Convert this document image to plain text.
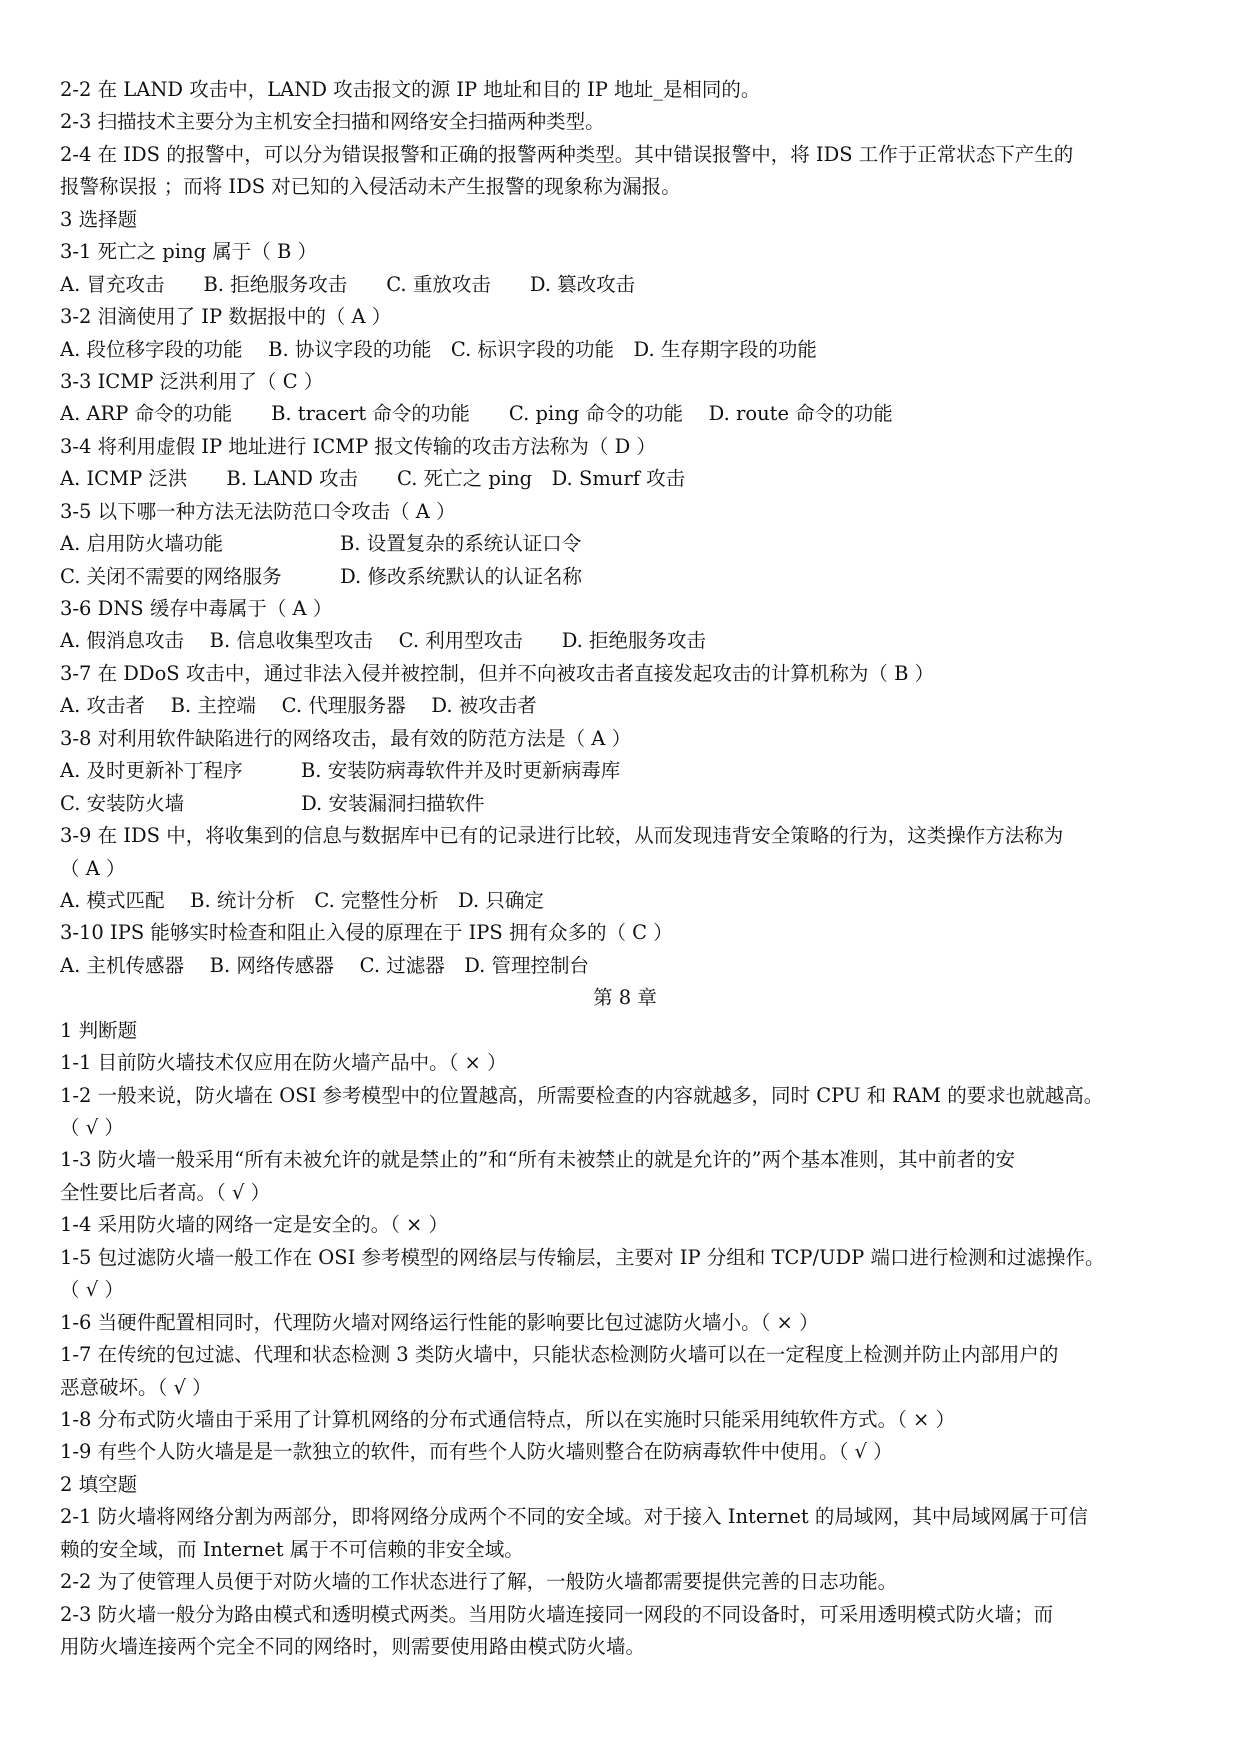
2-2 在 LAND 攻击中，LAND 攻击报文的源 IP 地址和目的 IP 地址_是相同的。
2-3 扫描技术主要分为主机安全扫描和网络安全扫描两种类型。
2-4 在 IDS 的报警中，可以分为错误报警和正确的报警两种类型。其中错误报警中，将 IDS 工作于正常状态下产生的
报警称误报 ；而将 IDS 对已知的入侵活动未产生报警的现象称为漏报。
3 选择题
3-1 死亡之 ping 属于（ B ）
A. 冒充攻击　　B. 拒绝服务攻击　　C. 重放攻击　　D. 篡改攻击
3-2 泪滴使用了 IP 数据报中的（ A ）
A. 段位移字段的功能　 B. 协议字段的功能　C. 标识字段的功能　D. 生存期字段的功能
3-3 ICMP 泛洪利用了（ C ）
A. ARP 命令的功能　　B. tracert 命令的功能　　C. ping 命令的功能　 D. route 命令的功能
3-4 将利用虚假 IP 地址进行 ICMP 报文传输的攻击方法称为（ D ）
A. ICMP 泛洪　　B. LAND 攻击　　C. 死亡之 ping　D. Smurf 攻击
3-5 以下哪一种方法无法防范口令攻击（ A ）
A. 启用防火墙功能　　　　　　B. 设置复杂的系统认证口令
C. 关闭不需要的网络服务　　　D. 修改系统默认的认证名称
3-6 DNS 缓存中毒属于（ A ）
A. 假消息攻击　 B. 信息收集型攻击　 C. 利用型攻击　　D. 拒绝服务攻击
3-7 在 DDoS 攻击中，通过非法入侵并被控制，但并不向被攻击者直接发起攻击的计算机称为（ B ）
A. 攻击者　 B. 主控端　 C. 代理服务器　 D. 被攻击者
3-8 对利用软件缺陷进行的网络攻击，最有效的防范方法是（ A ）
A. 及时更新补丁程序　　　B. 安装防病毒软件并及时更新病毒库
C. 安装防火墙　　　　　　D. 安装漏洞扫描软件
3-9 在 IDS 中，将收集到的信息与数据库中已有的记录进行比较，从而发现违背安全策略的行为，这类操作方法称为
（ A ）
A. 模式匹配　 B. 统计分析　C. 完整性分析　D. 只确定
3-10 IPS 能够实时检查和阻止入侵的原理在于 IPS 拥有众多的（ C ）
A. 主机传感器　 B. 网络传感器　 C. 过滤器　D. 管理控制台
第 8 章
1 判断题
1-1 目前防火墙技术仅应用在防火墙产品中。（ × ）
1-2 一般来说，防火墙在 OSI 参考模型中的位置越高，所需要检查的内容就越多，同时 CPU 和 RAM 的要求也就越高。
（ √ ）
1-3 防火墙一般采用“所有未被允许的就是禁止的”和“所有未被禁止的就是允许的”两个基本准则，其中前者的安
全性要比后者高。（ √ ）
1-4 采用防火墙的网络一定是安全的。（ × ）
1-5 包过滤防火墙一般工作在 OSI 参考模型的网络层与传输层，主要对 IP 分组和 TCP/UDP 端口进行检测和过滤操作。
（ √ ）
1-6 当硬件配置相同时，代理防火墙对网络运行性能的影响要比包过滤防火墙小。（ × ）
1-7 在传统的包过滤、代理和状态检测 3 类防火墙中，只能状态检测防火墙可以在一定程度上检测并防止内部用户的
恶意破坏。（ √ ）
1-8 分布式防火墙由于采用了计算机网络的分布式通信特点，所以在实施时只能采用纯软件方式。（ × ）
1-9 有些个人防火墙是是一款独立的软件，而有些个人防火墙则整合在防病毒软件中使用。（ √ ）
2 填空题
2-1 防火墙将网络分割为两部分，即将网络分成两个不同的安全域。对于接入 Internet 的局域网，其中局域网属于可信
赖的安全域，而 Internet 属于不可信赖的非安全域。
2-2 为了使管理人员便于对防火墙的工作状态进行了解，一般防火墙都需要提供完善的日志功能。
2-3 防火墙一般分为路由模式和透明模式两类。当用防火墙连接同一网段的不同设备时，可采用透明模式防火墙；而
用防火墙连接两个完全不同的网络时，则需要使用路由模式防火墙。
